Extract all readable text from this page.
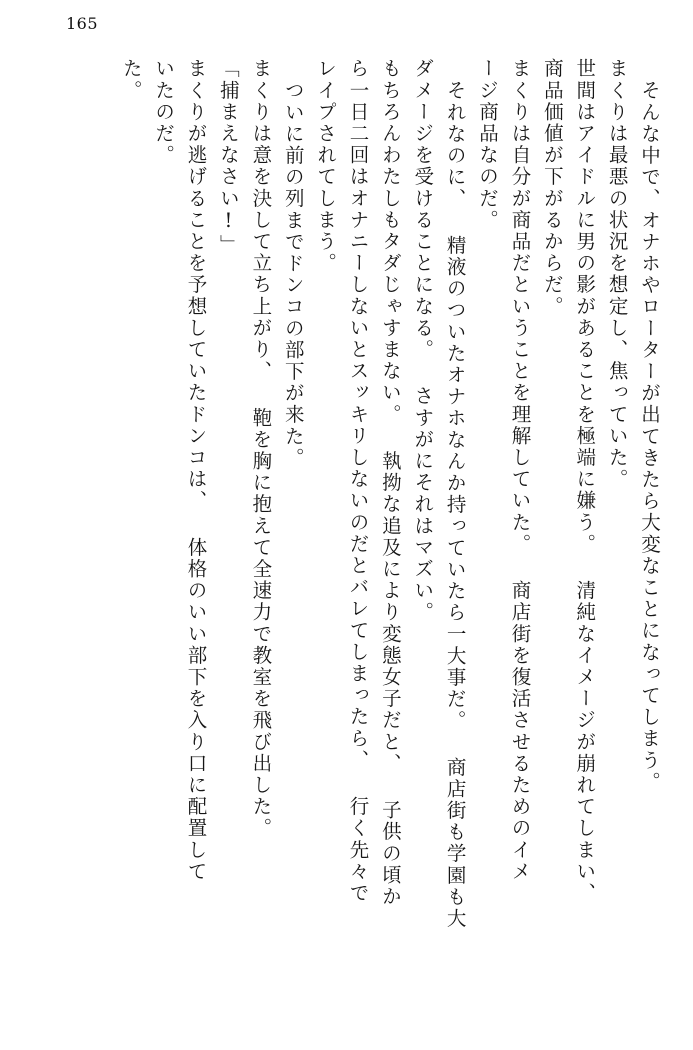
165
そんな中で、オナホやローターが出てきたら大変なことになってしまう。
まくりは最悪の状況を想定し、焦っていた。
世間はアイドルに男の影があることを極端に嫌う。 清純なイメージが崩れてしまい、
商品価値が下がるからだ。
まくりは自分が商品だということを理解していた。 商店街を復活させるためのイメ
ージ商品なのだ。
それなのに、 精液のついたオナホなんか持っていたら一大事だ。 商店街も学園も大
ダメージを受けることになる。 さすがにそれはマズい。
もちろんわたしもタダじゃすまない。 執拗な追及により変態女子だと、 子供の頃か
ら一日二回はオナニーしないとスッキリしないのだとバレてしまったら、 行く先々で
レイプされてしまう。
ついに前の列までドンコの部下が来た。
まくりは意を決して立ち上がり、 鞄を胸に抱えて全速力で教室を飛び出した。
「捕まえなさい!」
まくりが逃げることを予想していたドンコは、 体格のいい部下を入り口に配置して
いたのだ。
た。
